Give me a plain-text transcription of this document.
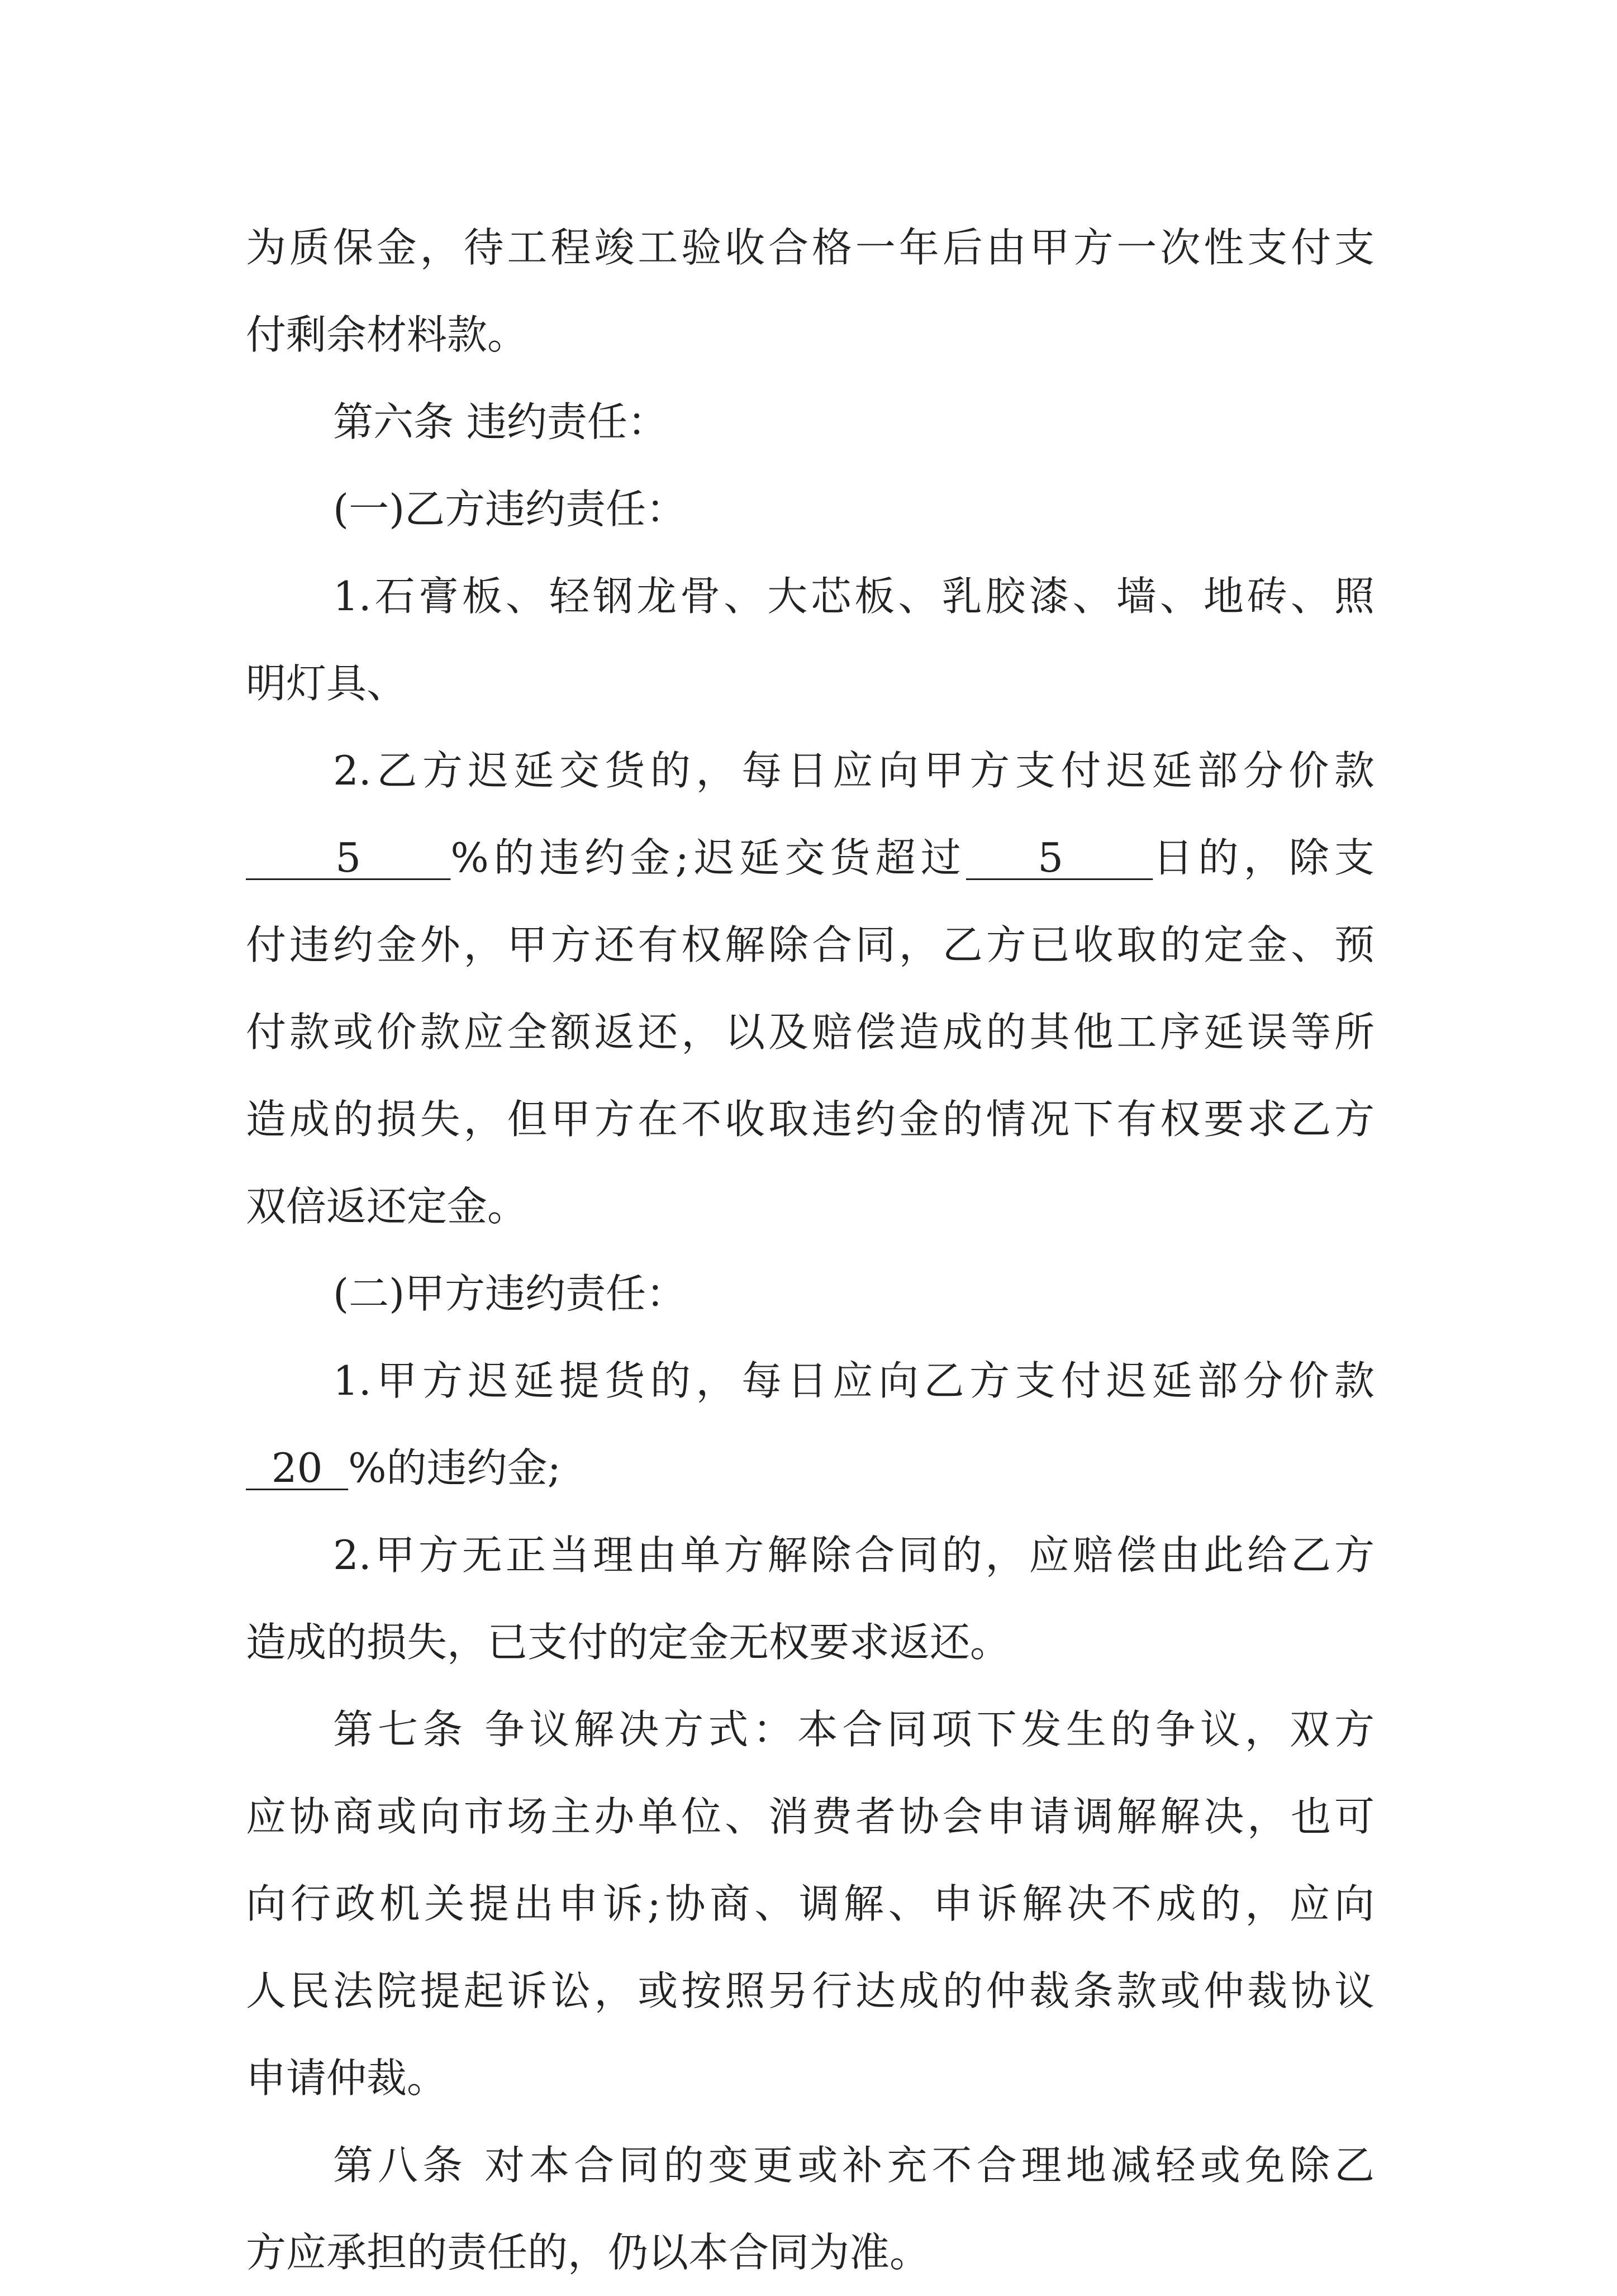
为质保金，待工程竣工验收合格一年后由甲方一次性支付支
付剩余材料款。
第六条 违约责任：
(一)乙方违约责任：
1.石膏板、轻钢龙骨、大芯板、乳胶漆、墙、地砖、照
明灯具、
2.乙方迟延交货的，每日应向甲方支付迟延部分价款
5     %的违约金;迟延交货超过    5     日的，除支
付违约金外，甲方还有权解除合同，乙方已收取的定金、预
付款或价款应全额返还，以及赔偿造成的其他工序延误等所
造成的损失，但甲方在不收取违约金的情况下有权要求乙方
双倍返还定金。
(二)甲方违约责任：
1.甲方迟延提货的，每日应向乙方支付迟延部分价款
20  %的违约金;
2.甲方无正当理由单方解除合同的，应赔偿由此给乙方
造成的损失，已支付的定金无权要求返还。
第七条 争议解决方式：本合同项下发生的争议，双方
应协商或向市场主办单位、消费者协会申请调解解决，也可
向行政机关提出申诉;协商、调解、申诉解决不成的，应向
人民法院提起诉讼，或按照另行达成的仲裁条款或仲裁协议
申请仲裁。
第八条 对本合同的变更或补充不合理地减轻或免除乙
方应承担的责任的，仍以本合同为准。
